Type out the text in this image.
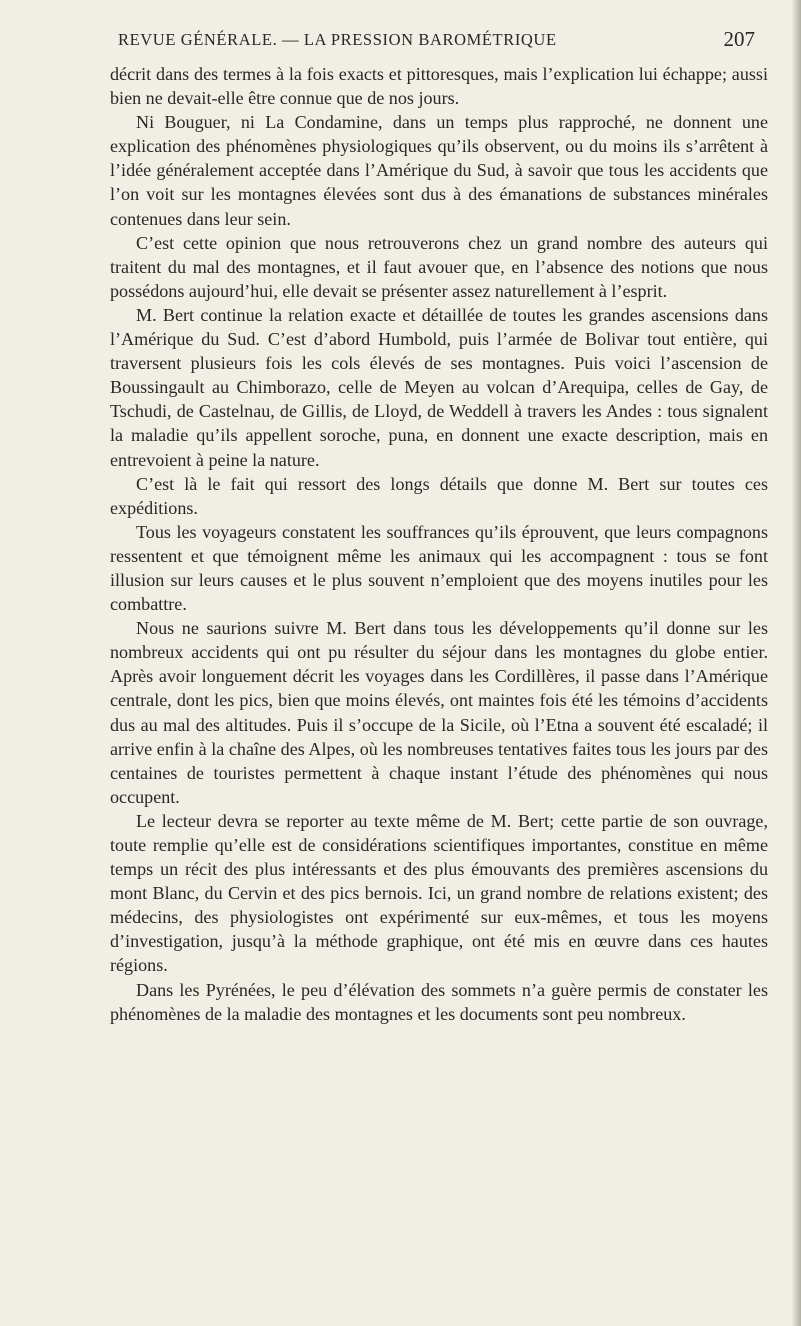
REVUE GÉNÉRALE. — LA PRESSION BAROMÉTRIQUE	207

décrit dans des termes à la fois exacts et pittoresques, mais l’explication lui échappe; aussi bien ne devait-elle être connue que de nos jours.

Ni Bouguer, ni La Condamine, dans un temps plus rapproché, ne donnent une explication des phénomènes physiologiques qu’ils observent, ou du moins ils s’arrêtent à l’idée généralement acceptée dans l’Amérique du Sud, à savoir que tous les accidents que l’on voit sur les montagnes élevées sont dus à des émanations de substances minérales contenues dans leur sein.

C’est cette opinion que nous retrouverons chez un grand nombre des auteurs qui traitent du mal des montagnes, et il faut avouer que, en l’absence des notions que nous possédons aujourd’hui, elle devait se présenter assez naturellement à l’esprit.

M. Bert continue la relation exacte et détaillée de toutes les grandes ascensions dans l’Amérique du Sud. C’est d’abord Humbold, puis l’armée de Bolivar tout entière, qui traversent plusieurs fois les cols élevés de ses montagnes. Puis voici l’ascension de Boussingault au Chimborazo, celle de Meyen au volcan d’Arequipa, celles de Gay, de Tschudi, de Castelnau, de Gillis, de Lloyd, de Weddell à travers les Andes : tous signalent la maladie qu’ils appellent soroche, puna, en donnent une exacte description, mais en entrevoient à peine la nature.

C’est là le fait qui ressort des longs détails que donne M. Bert sur toutes ces expéditions.

Tous les voyageurs constatent les souffrances qu’ils éprouvent, que leurs compagnons ressentent et que témoignent même les animaux qui les accompagnent : tous se font illusion sur leurs causes et le plus souvent n’emploient que des moyens inutiles pour les combattre.

Nous ne saurions suivre M. Bert dans tous les développements qu’il donne sur les nombreux accidents qui ont pu résulter du séjour dans les montagnes du globe entier. Après avoir longuement décrit les voyages dans les Cordillères, il passe dans l’Amérique centrale, dont les pics, bien que moins élevés, ont maintes fois été les témoins d’accidents dus au mal des altitudes. Puis il s’occupe de la Sicile, où l’Etna a souvent été escaladé; il arrive enfin à la chaîne des Alpes, où les nombreuses tentatives faites tous les jours par des centaines de touristes permettent à chaque instant l’étude des phénomènes qui nous occupent.

Le lecteur devra se reporter au texte même de M. Bert; cette partie de son ouvrage, toute remplie qu’elle est de considérations scientifiques importantes, constitue en même temps un récit des plus intéressants et des plus émouvants des premières ascensions du mont Blanc, du Cervin et des pics bernois. Ici, un grand nombre de relations existent; des médecins, des physiologistes ont expérimenté sur eux-mêmes, et tous les moyens d’investigation, jusqu’à la méthode graphique, ont été mis en œuvre dans ces hautes régions.

Dans les Pyrénées, le peu d’élévation des sommets n’a guère permis de constater les phénomènes de la maladie des montagnes et les documents sont peu nombreux.
